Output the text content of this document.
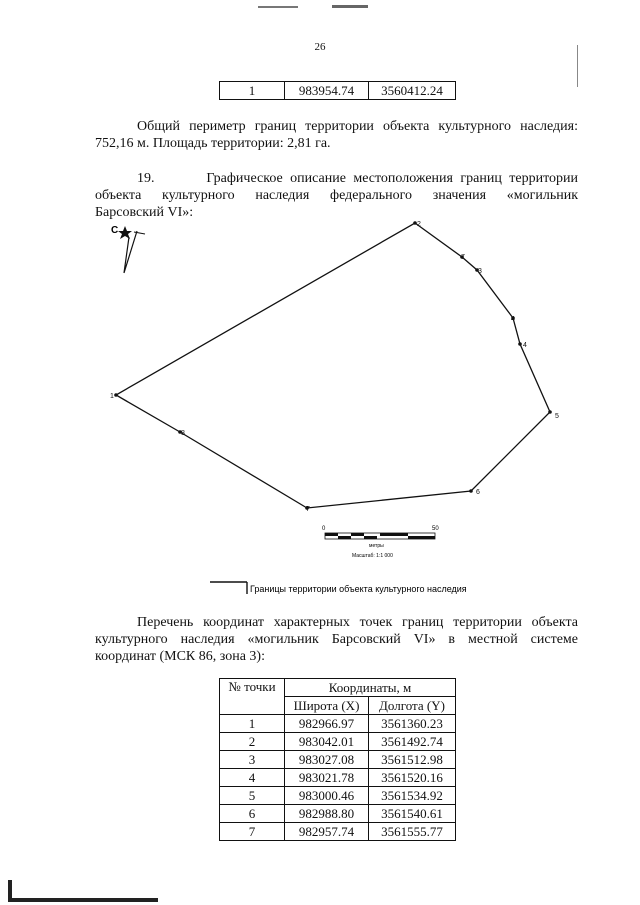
26
1	983954.74	3560412.24
Общий периметр границ территории объекта культурного наследия:
752,16 м. Площадь территории: 2,81 га.
19.       Графическое описание местоположения границ территории
объекта культурного наследия федерального значения «могильник
Барсовский VI»:
С
2
7
3
4
4
5
6
7
8
1
0	50
метры
Масштаб: 1:1 000
Границы территории объекта культурного наследия
Перечень координат характерных точек границ территории объекта
культурного наследия «могильник Барсовский VI» в местной системе
координат (МСК 86, зона 3):
№ точки	Координаты, м	
	Широта (X)	Долгота (Y)
1	982966.97	3561360.23
2	983042.01	3561492.74
3	983027.08	3561512.98
4	983021.78	3561520.16
5	983000.46	3561534.92
6	982988.80	3561540.61
7	982957.74	3561555.77
